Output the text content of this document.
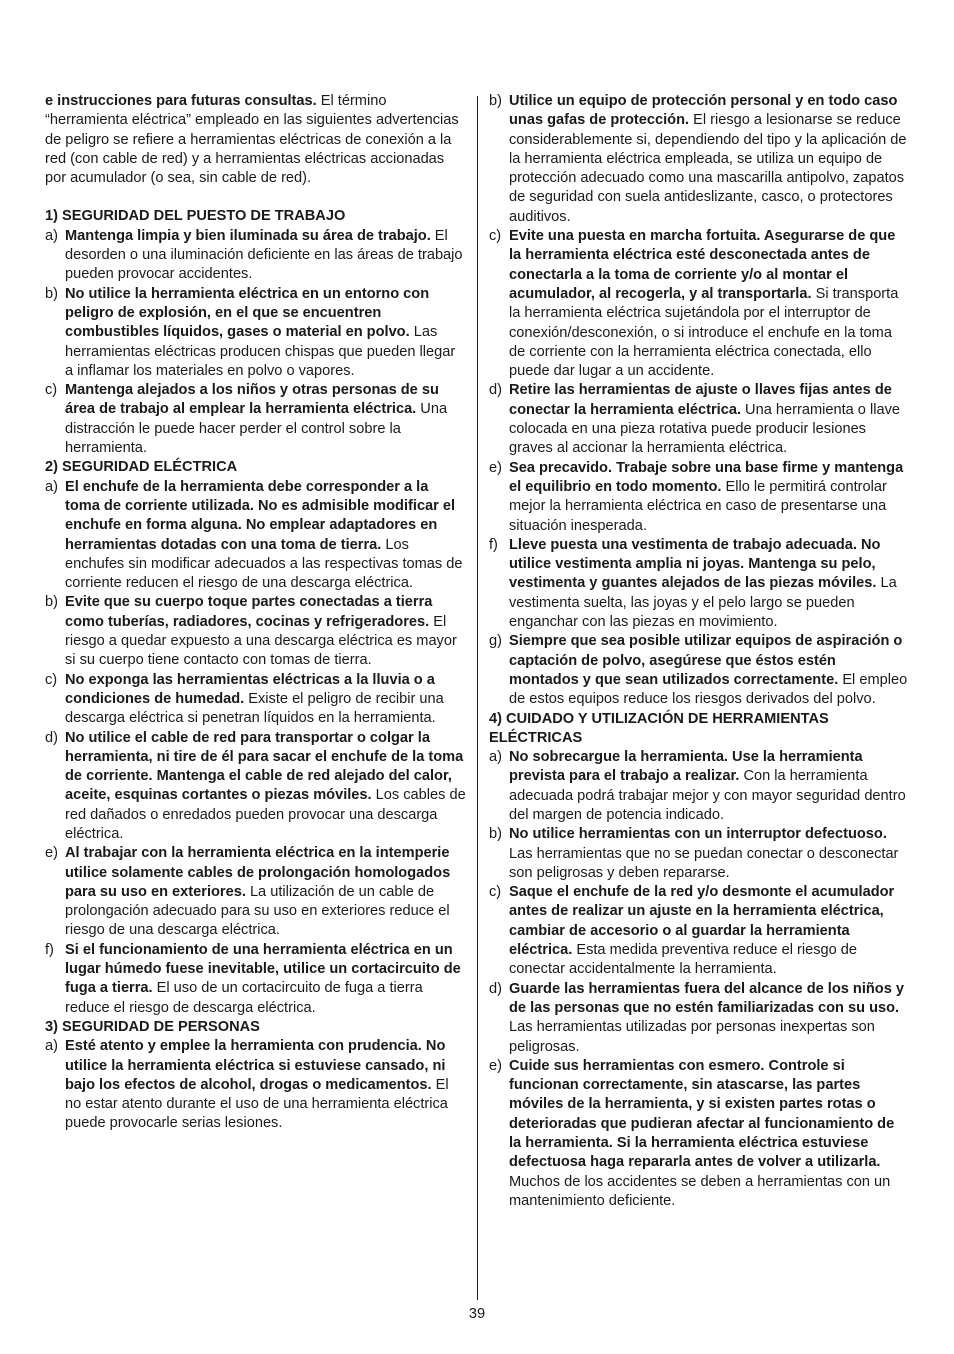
e instrucciones para futuras consultas. El término “herramienta eléctrica” empleado en las siguientes advertencias de peligro se refiere a herramientas eléctricas de conexión a la red (con cable de red) y a herramientas eléctricas accionadas por acumulador (o sea, sin cable de red).

1) SEGURIDAD DEL PUESTO DE TRABAJO
a) Mantenga limpia y bien iluminada su área de trabajo. El desorden o una iluminación deficiente en las áreas de trabajo pueden provocar accidentes.
b) No utilice la herramienta eléctrica en un entorno con peligro de explosión, en el que se encuentren combustibles líquidos, gases o material en polvo. Las herramientas eléctricas producen chispas que pueden llegar a inflamar los materiales en polvo o vapores.
c) Mantenga alejados a los niños y otras personas de su área de trabajo al emplear la herramienta eléctrica. Una distracción le puede hacer perder el control sobre la herramienta.
2) SEGURIDAD ELÉCTRICA
a) El enchufe de la herramienta debe corresponder a la toma de corriente utilizada. No es admisible modificar el enchufe en forma alguna. No emplear adaptadores en herramientas dotadas con una toma de tierra. Los enchufes sin modificar adecuados a las respectivas tomas de corriente reducen el riesgo de una descarga eléctrica.
b) Evite que su cuerpo toque partes conectadas a tierra como tuberías, radiadores, cocinas y refrigeradores. El riesgo a quedar expuesto a una descarga eléctrica es mayor si su cuerpo tiene contacto con tomas de tierra.
c) No exponga las herramientas eléctricas a la lluvia o a condiciones de humedad. Existe el peligro de recibir una descarga eléctrica si penetran líquidos en la herramienta.
d) No utilice el cable de red para transportar o colgar la herramienta, ni tire de él para sacar el enchufe de la toma de corriente. Mantenga el cable de red alejado del calor, aceite, esquinas cortantes o piezas móviles. Los cables de red dañados o enredados pueden provocar una descarga eléctrica.
e) Al trabajar con la herramienta eléctrica en la intemperie utilice solamente cables de prolongación homologados para su uso en exteriores. La utilización de un cable de prolongación adecuado para su uso en exteriores reduce el riesgo de una descarga eléctrica.
f) Si el funcionamiento de una herramienta eléctrica en un lugar húmedo fuese inevitable, utilice un cortacircuito de fuga a tierra. El uso de un cortacircuito de fuga a tierra reduce el riesgo de descarga eléctrica.
3) SEGURIDAD DE PERSONAS
a) Esté atento y emplee la herramienta con prudencia. No utilice la herramienta eléctrica si estuviese cansado, ni bajo los efectos de alcohol, drogas o medicamentos. El no estar atento durante el uso de una herramienta eléctrica puede provocarle serias lesiones.
b) Utilice un equipo de protección personal y en todo caso unas gafas de protección. El riesgo a lesionarse se reduce considerablemente si, dependiendo del tipo y la aplicación de la herramienta eléctrica empleada, se utiliza un equipo de protección adecuado como una mascarilla antipolvo, zapatos de seguridad con suela antideslizante, casco, o protectores auditivos.
c) Evite una puesta en marcha fortuita. Asegurarse de que la herramienta eléctrica esté desconectada antes de conectarla a la toma de corriente y/o al montar el acumulador, al recogerla, y al transportarla. Si transporta la herramienta eléctrica sujetándola por el interruptor de conexión/desconexión, o si introduce el enchufe en la toma de corriente con la herramienta eléctrica conectada, ello puede dar lugar a un accidente.
d) Retire las herramientas de ajuste o llaves fijas antes de conectar la herramienta eléctrica. Una herramienta o llave colocada en una pieza rotativa puede producir lesiones graves al accionar la herramienta eléctrica.
e) Sea precavido. Trabaje sobre una base firme y mantenga el equilibrio en todo momento. Ello le permitirá controlar mejor la herramienta eléctrica en caso de presentarse una situación inesperada.
f) Lleve puesta una vestimenta de trabajo adecuada. No utilice vestimenta amplia ni joyas. Mantenga su pelo, vestimenta y guantes alejados de las piezas móviles. La vestimenta suelta, las joyas y el pelo largo se pueden enganchar con las piezas en movimiento.
g) Siempre que sea posible utilizar equipos de aspiración o captación de polvo, asegúrese que éstos estén montados y que sean utilizados correctamente. El empleo de estos equipos reduce los riesgos derivados del polvo.
4) CUIDADO Y UTILIZACIÓN DE HERRAMIENTAS ELÉCTRICAS
a) No sobrecargue la herramienta. Use la herramienta prevista para el trabajo a realizar. Con la herramienta adecuada podrá trabajar mejor y con mayor seguridad dentro del margen de potencia indicado.
b) No utilice herramientas con un interruptor defectuoso. Las herramientas que no se puedan conectar o desconectar son peligrosas y deben repararse.
c) Saque el enchufe de la red y/o desmonte el acumulador antes de realizar un ajuste en la herramienta eléctrica, cambiar de accesorio o al guardar la herramienta eléctrica. Esta medida preventiva reduce el riesgo de conectar accidentalmente la herramienta.
d) Guarde las herramientas fuera del alcance de los niños y de las personas que no estén familiarizadas con su uso. Las herramientas utilizadas por personas inexpertas son peligrosas.
e) Cuide sus herramientas con esmero. Controle si funcionan correctamente, sin atascarse, las partes móviles de la herramienta, y si existen partes rotas o deterioradas que pudieran afectar al funcionamiento de la herramienta. Si la herramienta eléctrica estuviese defectuosa haga repararla antes de volver a utilizarla. Muchos de los accidentes se deben a herramientas con un mantenimiento deficiente.
39
